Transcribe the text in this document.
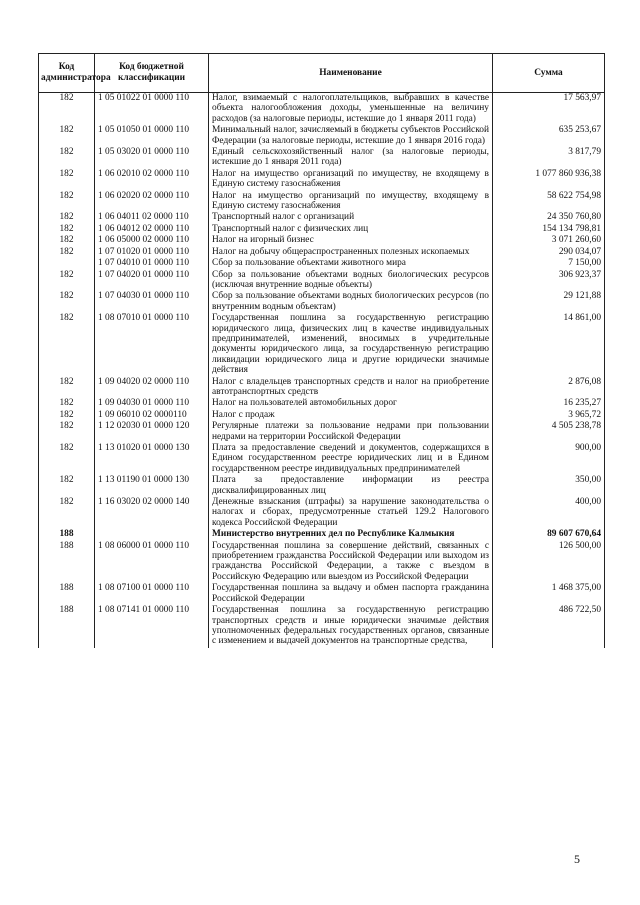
Код администратора	Код бюджетной классификации	Наименование	Сумма
182	1 05 01022 01 0000 110	Налог, взимаемый с налогоплательщиков, выбравших в качестве объекта налогообложения доходы, уменьшенные на величину расходов (за налоговые периоды, истекшие до 1 января 2011 года)	17 563,97
182	1 05 01050 01 0000 110	Минимальный налог, зачисляемый в бюджеты субъектов Российской Федерации (за налоговые периоды, истекшие до 1 января 2016 года)	635 253,67
182	1 05 03020 01 0000 110	Единый сельскохозяйственный налог (за налоговые периоды, истекшие до 1 января 2011 года)	3 817,79
182	1 06 02010 02 0000 110	Налог на имущество организаций по имуществу, не входящему в Единую систему газоснабжения	1 077 860 936,38
182	1 06 02020 02 0000 110	Налог на имущество организаций по имуществу, входящему в Единую систему газоснабжения	58 622 754,98
182	1 06 04011 02 0000 110	Транспортный налог с организаций	24 350 760,80
182	1 06 04012 02 0000 110	Транспортный налог с физических лиц	154 134 798,81
182	1 06 05000 02 0000 110	Налог на игорный бизнес	3 071 260,60
182	1 07 01020 01 0000 110	Налог на добычу общераспространенных полезных ископаемых	290 034,07
	1 07 04010 01 0000 110	Сбор за пользование объектами животного мира	7 150,00
182	1 07 04020 01 0000 110	Сбор за пользование объектами водных биологических ресурсов (исключая внутренние водные объекты)	306 923,37
182	1 07 04030 01 0000 110	Сбор за пользование объектами водных биологических ресурсов (по внутренним водным объектам)	29 121,88
182	1 08 07010 01 0000 110	Государственная пошлина за государственную регистрацию юридического лица, физических лиц в качестве индивидуальных предпринимателей, изменений, вносимых в учредительные документы юридического лица, за государственную регистрацию ликвидации юридического лица и другие юридически значимые действия	14 861,00
182	1 09 04020 02 0000 110	Налог с владельцев транспортных средств и налог на приобретение автотранспортных средств	2 876,08
182	1 09 04030 01 0000 110	Налог на пользователей автомобильных дорог	16 235,27
182	1 09 06010 02 0000110	Налог с продаж	3 965,72
182	1 12 02030 01 0000 120	Регулярные платежи за пользование недрами при пользовании недрами на территории Российской Федерации	4 505 238,78
182	1 13 01020 01 0000 130	Плата за предоставление сведений и документов, содержащихся в Едином государственном реестре юридических лиц и в Едином государственном реестре индивидуальных предпринимателей	900,00
182	1 13 01190 01 0000 130	Плата за предоставление информации из реестра дисквалифицированных лиц	350,00
182	1 16 03020 02 0000 140	Денежные взыскания (штрафы) за нарушение законодательства о налогах и сборах, предусмотренные статьей 129.2 Налогового кодекса Российской Федерации	400,00
188		Министерство внутренних дел по Республике Калмыкия	89 607 670,64
188	1 08 06000 01 0000 110	Государственная пошлина за совершение действий, связанных с приобретением гражданства Российской Федерации или выходом из гражданства Российской Федерации, а также с въездом в Российскую Федерацию или выездом из Российской Федерации	126 500,00
188	1 08 07100 01 0000 110	Государственная пошлина за выдачу и обмен паспорта гражданина Российской Федерации	1 468 375,00
188	1 08 07141 01 0000 110	Государственная пошлина за государственную регистрацию транспортных средств и иные юридически значимые действия уполномоченных федеральных государственных органов, связанные с изменением и выдачей документов на транспортные средства,	486 722,50
5
